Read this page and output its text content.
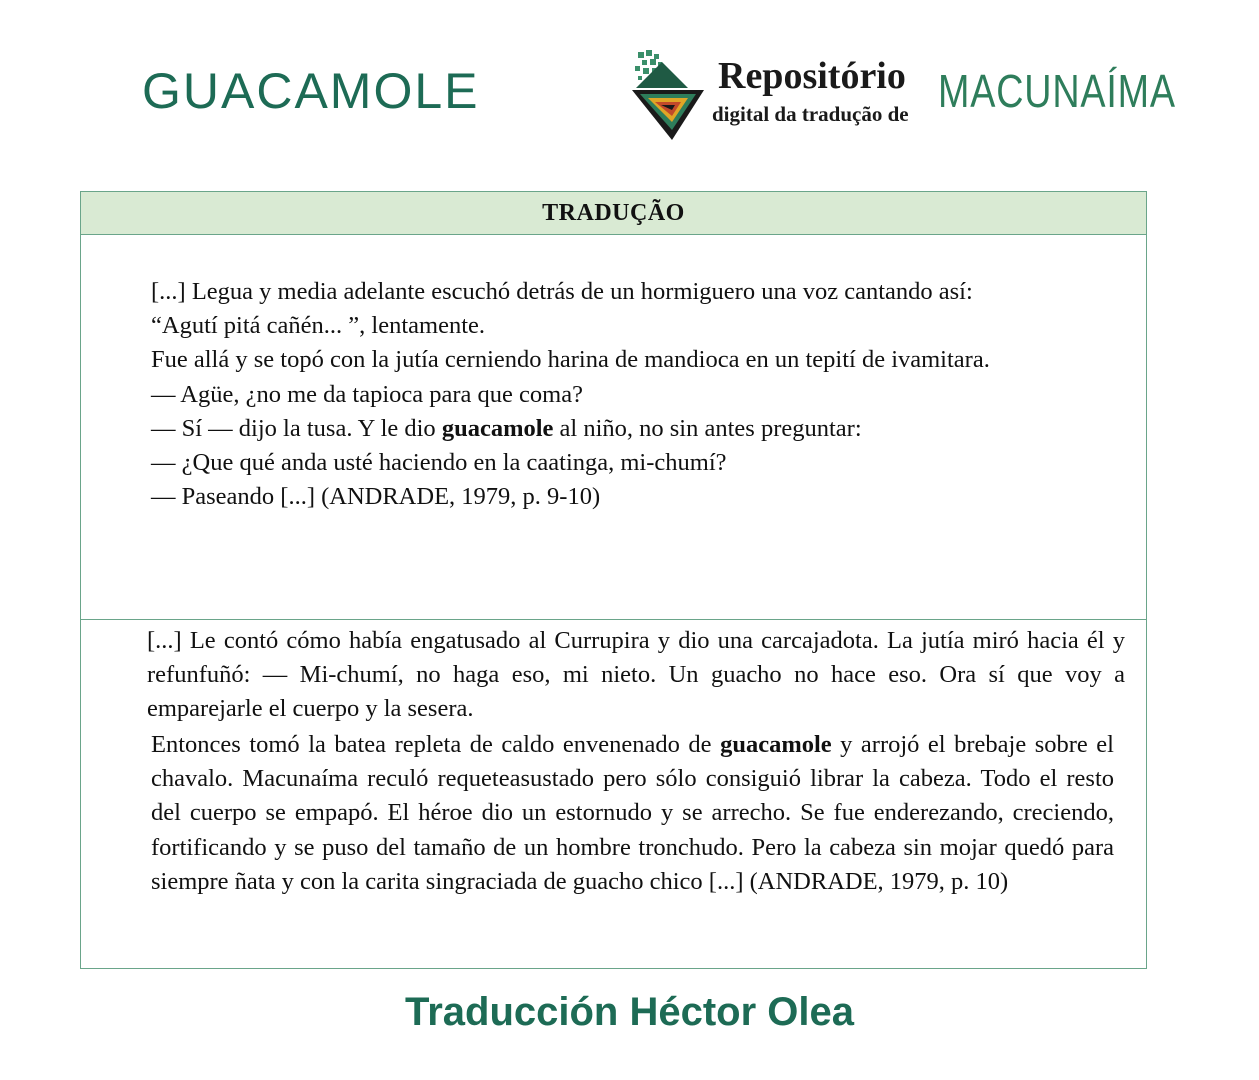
GUACAMOLE	Repositório
digital da tradução de MACUNAÍMA
TRADUÇÃO

[...] Legua y media adelante escuchó detrás de un hormiguero una voz cantando así:

“Agutí pitá cañén... ”, lentamente.

Fue allá y se topó con la jutía cerniendo harina de mandioca en un tepití de ivamitara.

— Agüe, ¿no me da tapioca para que coma?

— Sí — dijo la tusa. Y le dio guacamole al niño, no sin antes preguntar:

— ¿Que qué anda usté haciendo en la caatinga, mi-chumí?

— Paseando [...] (ANDRADE, 1979, p. 9-10)

[...] Le contó cómo había engatusado al Currupira y dio una carcajadota. La jutía miró hacia él y refunfuñó: — Mi-chumí, no haga eso, mi nieto. Un guacho no hace eso. Ora sí que voy a emparejarle el cuerpo y la sesera.

Entonces tomó la batea repleta de caldo envenenado de guacamole y arrojó el brebaje sobre el chavalo. Macunaíma reculó requeteasustado pero sólo consiguió librar la cabeza. Todo el resto del cuerpo se empapó. El héroe dio un estornudo y se arrecho. Se fue enderezando, creciendo, fortificando y se puso del tamaño de un hombre tronchudo. Pero la cabeza sin mojar quedó para siempre ñata y con la carita singraciada de guacho chico [...] (ANDRADE, 1979, p. 10)

Traducción Héctor Olea
